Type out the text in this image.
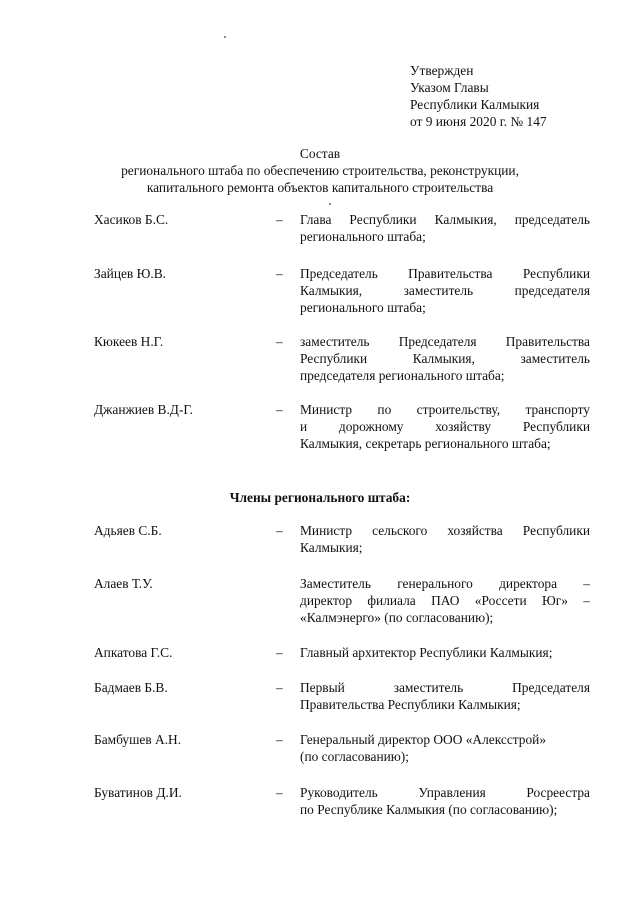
Утвержден
Указом Главы
Республики Калмыкия
от 9 июня 2020 г. № 147
Состав
регионального штаба по обеспечению строительства, реконструкции,
капитального ремонта объектов капитального строительства
Хасиков Б.С.	– Глава Республики Калмыкия, председатель
регионального штаба;
Зайцев Ю.В.	– Председатель Правительства Республики
Калмыкия, заместитель председателя
регионального штаба;
Кюкеев Н.Г.	– заместитель Председателя Правительства
Республики Калмыкия, заместитель
председателя регионального штаба;
Джанжиев В.Д-Г.	– Министр по строительству, транспорту
и дорожному хозяйству Республики
Калмыкия, секретарь регионального штаба;
Члены регионального штаба:
Адьяев С.Б.	– Министр сельского хозяйства Республики
Калмыкия;
Алаев Т.У.	Заместитель генерального директора –
директор филиала ПАО «Россети Юг» –
«Калмэнерго» (по согласованию);
Апкатова Г.С.	– Главный архитектор Республики Калмыкия;
Бадмаев Б.В.	– Первый заместитель Председателя
Правительства Республики Калмыкия;
Бамбушев А.Н.	– Генеральный директор ООО «Алексстрой»
(по согласованию);
Буватинов Д.И.	– Руководитель Управления Росреестра
по Республике Калмыкия (по согласованию);
